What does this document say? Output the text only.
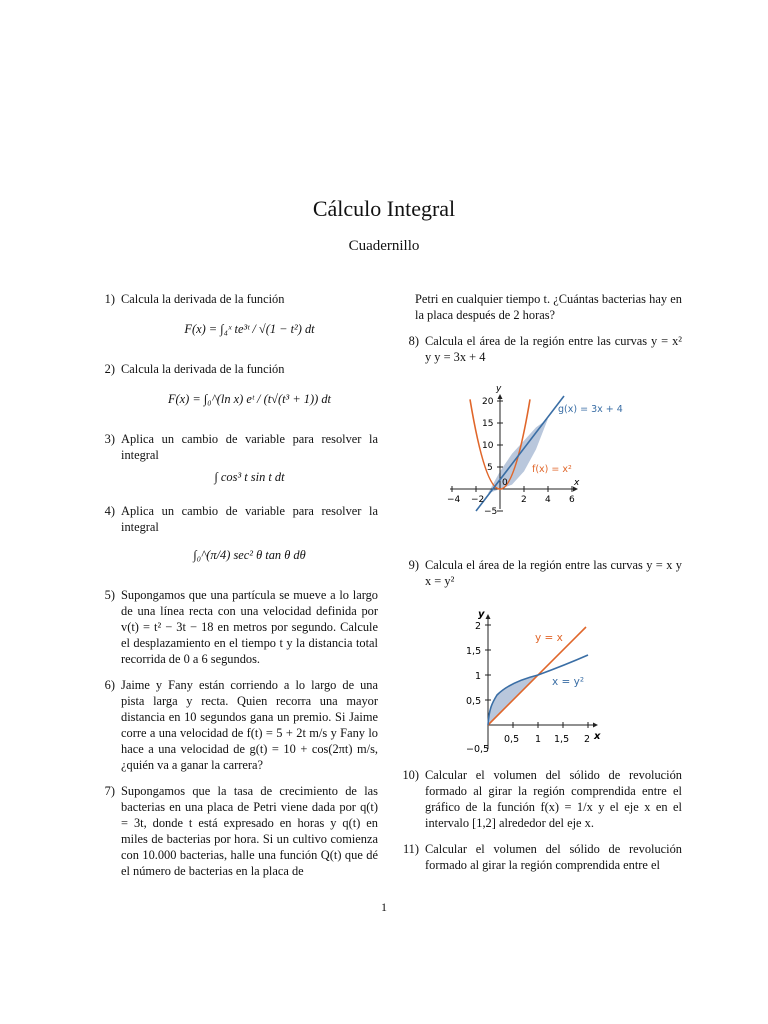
Cálculo Integral
Cuadernillo
1) Calcula la derivada de la función
F(x) = ∫₄ˣ te³ᵗ / √(1 − t²) dt
2) Calcula la derivada de la función
F(x) = ∫₀^(ln x) eᵗ / (t√(t³ + 1)) dt
3) Aplica un cambio de variable para resolver la integral
∫ cos³ t sin t dt
4) Aplica un cambio de variable para resolver la integral
∫₀^(π/4) sec² θ tan θ dθ
5) Supongamos que una partícula se mueve a lo largo de una línea recta con una velocidad definida por v(t) = t² − 3t − 18 en metros por segundo. Calcule el desplazamiento en el tiempo t y la distancia total recorrida de 0 a 6 segundos.
6) Jaime y Fany están corriendo a lo largo de una pista larga y recta. Quien recorra una mayor distancia en 10 segundos gana un premio. Si Jaime corre a una velocidad de f(t) = 5 + 2t m/s y Fany lo hace a una velocidad de g(t) = 10 + cos(2πt) m/s, ¿quién va a ganar la carrera?
7) Supongamos que la tasa de crecimiento de las bacterias en una placa de Petri viene dada por q(t) = 3t, donde t está expresado en horas y q(t) en miles de bacterias por hora. Si un cultivo comienza con 10.000 bacterias, halle una función Q(t) que dé el número de bacterias en la placa de
Petri en cualquier tiempo t. ¿Cuántas bacterias hay en la placa después de 2 horas?
8) Calcula el área de la región entre las curvas y = x² y y = 3x + 4
y
x
−4 −2
0
2 4 6
20
15
10
5
−5
g(x) = 3x + 4
f(x) = x²
9) Calcula el área de la región entre las curvas y = x y x = y²
y
x
0,5 1 1,5 2
2
1,5
1
0,5
−0,5
y = x
x = y²
10) Calcular el volumen del sólido de revolución formado al girar la región comprendida entre el gráfico de la función f(x) = 1/x y el eje x en el intervalo [1,2] alrededor del eje x.
11) Calcular el volumen del sólido de revolución formado al girar la región comprendida entre el
1
